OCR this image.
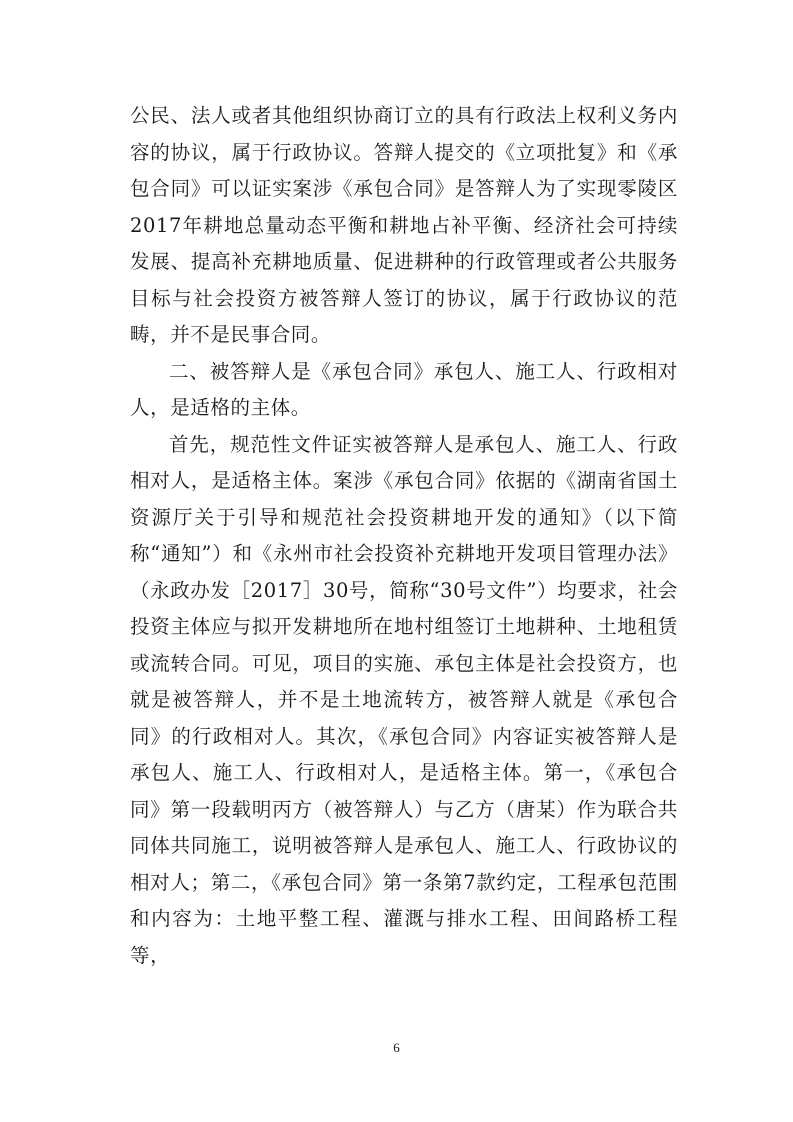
公民、法人或者其他组织协商订立的具有行政法上权利义务内容的协议，属于行政协议。答辩人提交的《立项批复》和《承包合同》可以证实案涉《承包合同》是答辩人为了实现零陵区2017年耕地总量动态平衡和耕地占补平衡、经济社会可持续发展、提高补充耕地质量、促进耕种的行政管理或者公共服务目标与社会投资方被答辩人签订的协议，属于行政协议的范畴，并不是民事合同。

二、被答辩人是《承包合同》承包人、施工人、行政相对人，是适格的主体。

首先，规范性文件证实被答辩人是承包人、施工人、行政相对人，是适格主体。案涉《承包合同》依据的《湖南省国土资源厅关于引导和规范社会投资耕地开发的通知》（以下简称“通知”）和《永州市社会投资补充耕地开发项目管理办法》（永政办发［2017］30号，简称“30号文件”）均要求，社会投资主体应与拟开发耕地所在地村组签订土地耕种、土地租赁或流转合同。可见，项目的实施、承包主体是社会投资方，也就是被答辩人，并不是土地流转方，被答辩人就是《承包合同》的行政相对人。其次，《承包合同》内容证实被答辩人是承包人、施工人、行政相对人，是适格主体。第一，《承包合同》第一段载明丙方（被答辩人）与乙方（唐某）作为联合共同体共同施工，说明被答辩人是承包人、施工人、行政协议的相对人；第二，《承包合同》第一条第7款约定，工程承包范围和内容为：土地平整工程、灌溉与排水工程、田间路桥工程等，

6
